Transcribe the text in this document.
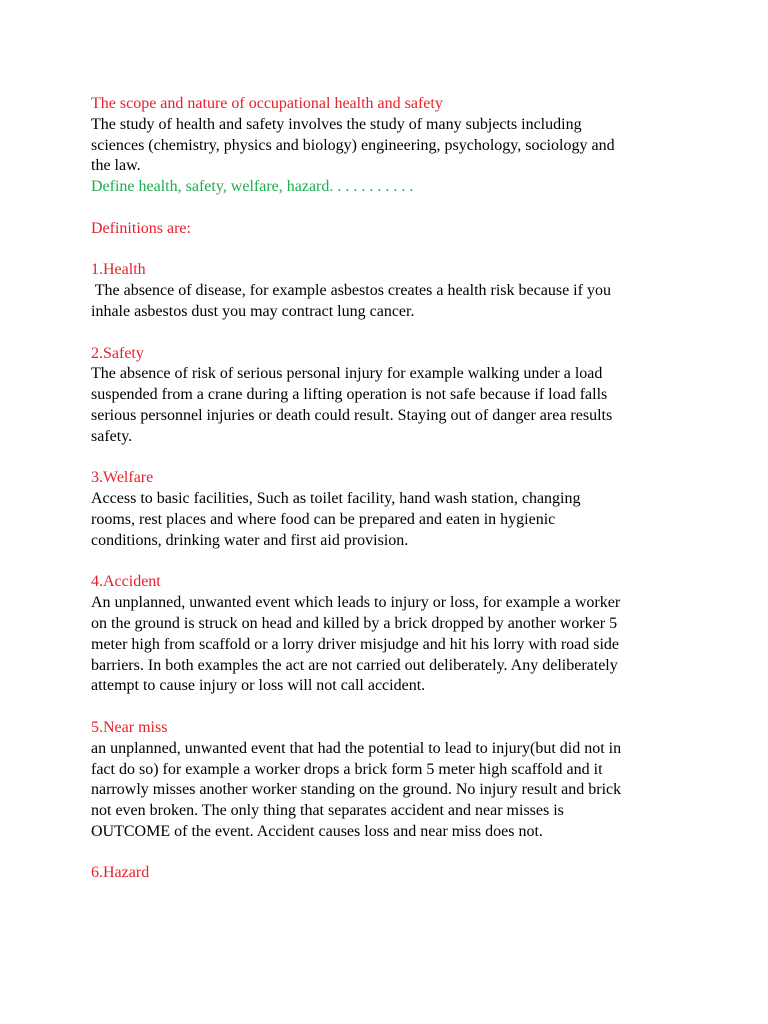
The scope and nature of occupational health and safety
The study of health and safety involves the study of many subjects including
sciences (chemistry, physics and biology) engineering, psychology, sociology and
the law.
Define health, safety, welfare, hazard. . . . . . . . . . .
Definitions are:
1.Health
The absence of disease, for example asbestos creates a health risk because if you
inhale asbestos dust you may contract lung cancer.
2.Safety
The absence of risk of serious personal injury for example walking under a load
suspended from a crane during a lifting operation is not safe because if load falls
serious personnel injuries or death could result. Staying out of danger area results
safety.
3.Welfare
Access to basic facilities, Such as toilet facility, hand wash station, changing
rooms, rest places and where food can be prepared and eaten in hygienic
conditions, drinking water and first aid provision.
4.Accident
An unplanned, unwanted event which leads to injury or loss, for example a worker
on the ground is struck on head and killed by a brick dropped by another worker 5
meter high from scaffold or a lorry driver misjudge and hit his lorry with road side
barriers. In both examples the act are not carried out deliberately. Any deliberately
attempt to cause injury or loss will not call accident.
5.Near miss
an unplanned, unwanted event that had the potential to lead to injury(but did not in
fact do so) for example a worker drops a brick form 5 meter high scaffold and it
narrowly misses another worker standing on the ground. No injury result and brick
not even broken. The only thing that separates accident and near misses is
OUTCOME of the event. Accident causes loss and near miss does not.
6.Hazard
